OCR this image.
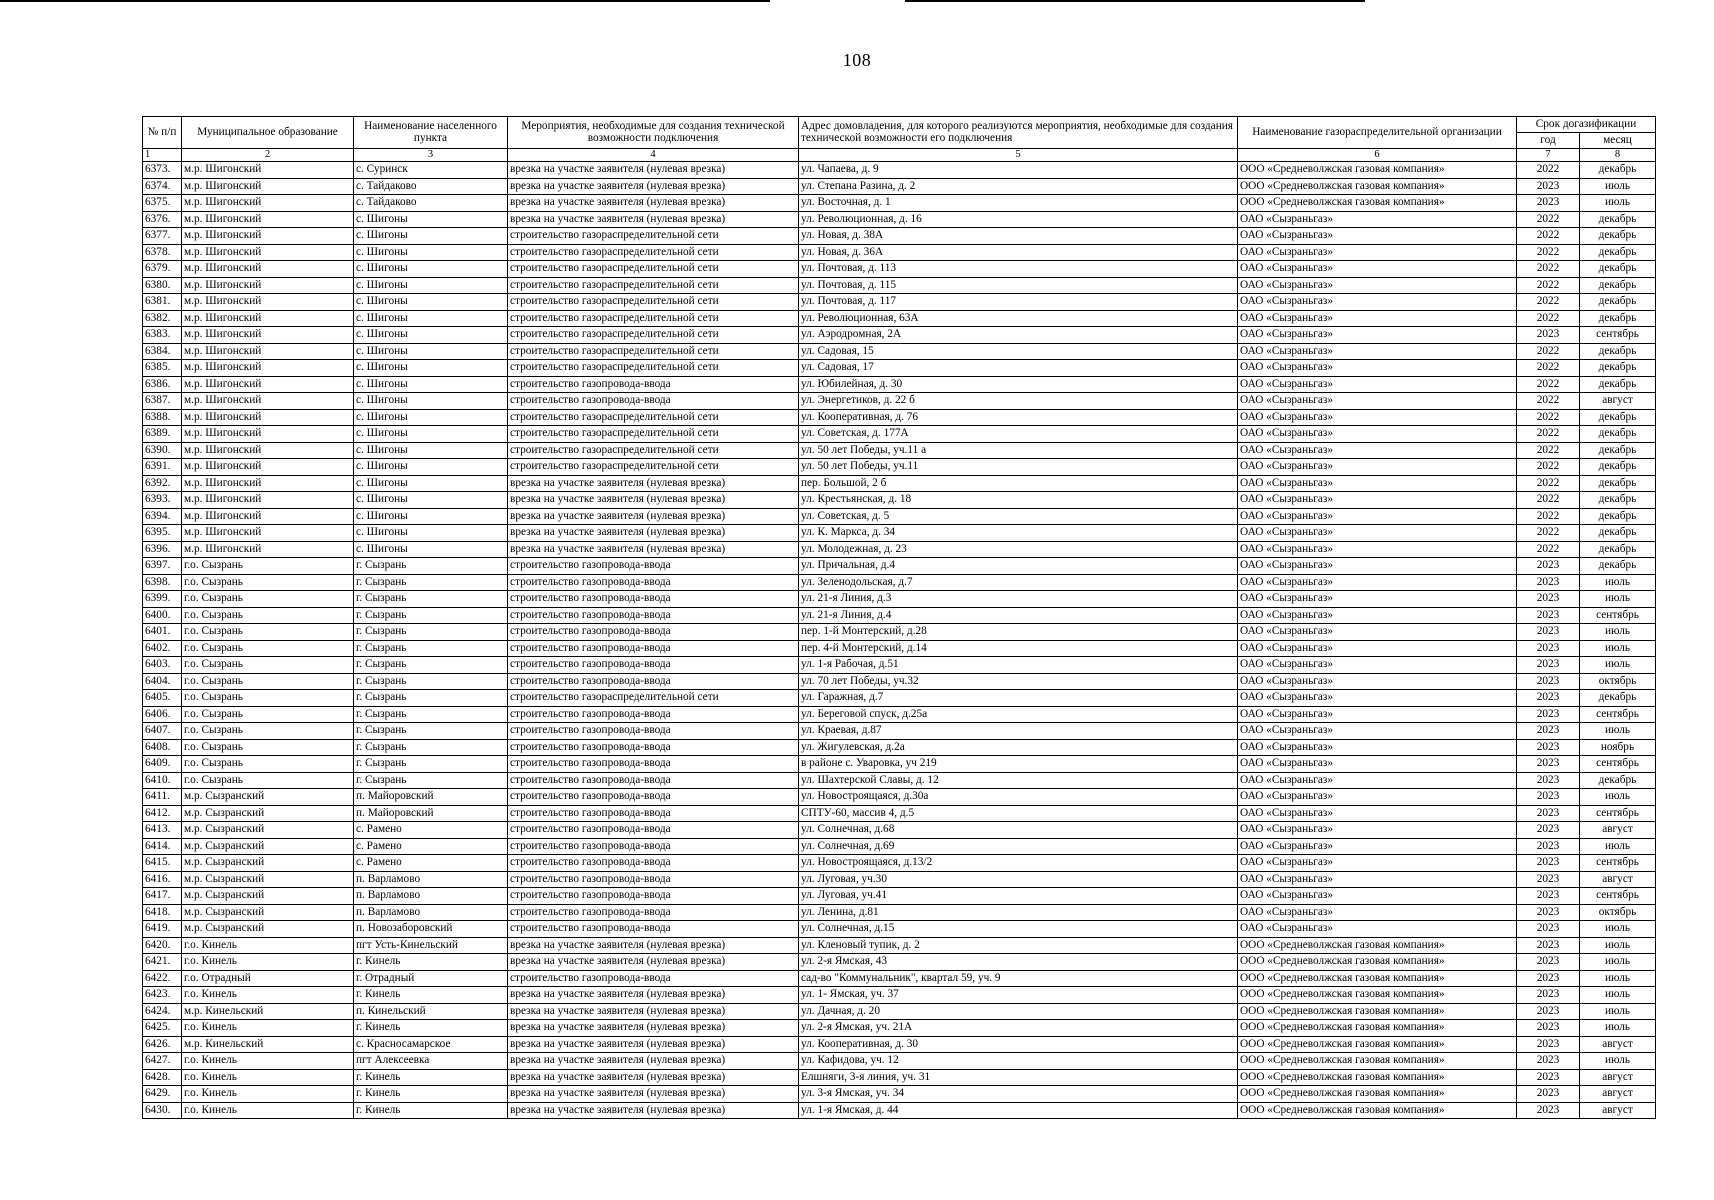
108
№ п/п	Муниципальное образование	Наименование населенного пункта	Мероприятия, необходимые для создания технической возможности подключения	Адрес домовладения, для которого реализуются мероприятия, необходимые для создания технической возможности его подключения	Наименование газораспределительной организации	Срок догазификации	
						год	месяц
1	2	3	4	5	6	7	8
6373.	м.р. Шигонский	с. Суринск	врезка на участке заявителя (нулевая врезка)	ул. Чапаева, д. 9	ООО «Средневолжская газовая компания»	2022	декабрь
6374.	м.р. Шигонский	с. Тайдаково	врезка на участке заявителя (нулевая врезка)	ул. Степана Разина, д. 2	ООО «Средневолжская газовая компания»	2023	июль
6375.	м.р. Шигонский	с. Тайдаково	врезка на участке заявителя (нулевая врезка)	ул. Восточная, д. 1	ООО «Средневолжская газовая компания»	2023	июль
6376.	м.р. Шигонский	с. Шигоны	врезка на участке заявителя (нулевая врезка)	ул. Революционная, д. 16	ОАО «Сызраньгаз»	2022	декабрь
6377.	м.р. Шигонский	с. Шигоны	строительство газораспределительной сети	ул. Новая, д. 38А	ОАО «Сызраньгаз»	2022	декабрь
6378.	м.р. Шигонский	с. Шигоны	строительство газораспределительной сети	ул. Новая, д. 36А	ОАО «Сызраньгаз»	2022	декабрь
6379.	м.р. Шигонский	с. Шигоны	строительство газораспределительной сети	ул. Почтовая, д. 113	ОАО «Сызраньгаз»	2022	декабрь
6380.	м.р. Шигонский	с. Шигоны	строительство газораспределительной сети	ул. Почтовая, д. 115	ОАО «Сызраньгаз»	2022	декабрь
6381.	м.р. Шигонский	с. Шигоны	строительство газораспределительной сети	ул. Почтовая, д. 117	ОАО «Сызраньгаз»	2022	декабрь
6382.	м.р. Шигонский	с. Шигоны	строительство газораспределительной сети	ул. Революционная, 63А	ОАО «Сызраньгаз»	2022	декабрь
6383.	м.р. Шигонский	с. Шигоны	строительство газораспределительной сети	ул. Аэродромная, 2А	ОАО «Сызраньгаз»	2023	сентябрь
6384.	м.р. Шигонский	с. Шигоны	строительство газораспределительной сети	ул. Садовая, 15	ОАО «Сызраньгаз»	2022	декабрь
6385.	м.р. Шигонский	с. Шигоны	строительство газораспределительной сети	ул. Садовая, 17	ОАО «Сызраньгаз»	2022	декабрь
6386.	м.р. Шигонский	с. Шигоны	строительство газопровода-ввода	ул. Юбилейная, д. 30	ОАО «Сызраньгаз»	2022	декабрь
6387.	м.р. Шигонский	с. Шигоны	строительство газопровода-ввода	ул. Энергетиков, д. 22 б	ОАО «Сызраньгаз»	2022	август
6388.	м.р. Шигонский	с. Шигоны	строительство газораспределительной сети	ул. Кооперативная, д. 76	ОАО «Сызраньгаз»	2022	декабрь
6389.	м.р. Шигонский	с. Шигоны	строительство газораспределительной сети	ул. Советская, д. 177А	ОАО «Сызраньгаз»	2022	декабрь
6390.	м.р. Шигонский	с. Шигоны	строительство газораспределительной сети	ул. 50 лет Победы, уч.11 а	ОАО «Сызраньгаз»	2022	декабрь
6391.	м.р. Шигонский	с. Шигоны	строительство газораспределительной сети	ул. 50 лет Победы, уч.11	ОАО «Сызраньгаз»	2022	декабрь
6392.	м.р. Шигонский	с. Шигоны	врезка на участке заявителя (нулевая врезка)	пер. Большой, 2 б	ОАО «Сызраньгаз»	2022	декабрь
6393.	м.р. Шигонский	с. Шигоны	врезка на участке заявителя (нулевая врезка)	ул. Крестьянская, д. 18	ОАО «Сызраньгаз»	2022	декабрь
6394.	м.р. Шигонский	с. Шигоны	врезка на участке заявителя (нулевая врезка)	ул. Советская, д. 5	ОАО «Сызраньгаз»	2022	декабрь
6395.	м.р. Шигонский	с. Шигоны	врезка на участке заявителя (нулевая врезка)	ул. К. Маркса, д. 34	ОАО «Сызраньгаз»	2022	декабрь
6396.	м.р. Шигонский	с. Шигоны	врезка на участке заявителя (нулевая врезка)	ул. Молодежная, д. 23	ОАО «Сызраньгаз»	2022	декабрь
6397.	г.о. Сызрань	г. Сызрань	строительство газопровода-ввода	ул. Причальная, д.4	ОАО «Сызраньгаз»	2023	декабрь
6398.	г.о. Сызрань	г. Сызрань	строительство газопровода-ввода	ул. Зеленодольская, д.7	ОАО «Сызраньгаз»	2023	июль
6399.	г.о. Сызрань	г. Сызрань	строительство газопровода-ввода	ул. 21-я Линия, д.3	ОАО «Сызраньгаз»	2023	июль
6400.	г.о. Сызрань	г. Сызрань	строительство газопровода-ввода	ул. 21-я Линия, д.4	ОАО «Сызраньгаз»	2023	сентябрь
6401.	г.о. Сызрань	г. Сызрань	строительство газопровода-ввода	пер. 1-й Монтерский, д.28	ОАО «Сызраньгаз»	2023	июль
6402.	г.о. Сызрань	г. Сызрань	строительство газопровода-ввода	пер. 4-й Монтерский, д.14	ОАО «Сызраньгаз»	2023	июль
6403.	г.о. Сызрань	г. Сызрань	строительство газопровода-ввода	ул. 1-я Рабочая, д.51	ОАО «Сызраньгаз»	2023	июль
6404.	г.о. Сызрань	г. Сызрань	строительство газопровода-ввода	ул. 70 лет Победы, уч.32	ОАО «Сызраньгаз»	2023	октябрь
6405.	г.о. Сызрань	г. Сызрань	строительство газораспределительной сети	ул. Гаражная, д.7	ОАО «Сызраньгаз»	2023	декабрь
6406.	г.о. Сызрань	г. Сызрань	строительство газопровода-ввода	ул. Береговой спуск, д.25а	ОАО «Сызраньгаз»	2023	сентябрь
6407.	г.о. Сызрань	г. Сызрань	строительство газопровода-ввода	ул. Краевая, д.87	ОАО «Сызраньгаз»	2023	июль
6408.	г.о. Сызрань	г. Сызрань	строительство газопровода-ввода	ул. Жигулевская, д.2а	ОАО «Сызраньгаз»	2023	ноябрь
6409.	г.о. Сызрань	г. Сызрань	строительство газопровода-ввода	в районе с. Уваровка, уч 219	ОАО «Сызраньгаз»	2023	сентябрь
6410.	г.о. Сызрань	г. Сызрань	строительство газопровода-ввода	ул. Шахтерской Славы, д. 12	ОАО «Сызраньгаз»	2023	декабрь
6411.	м.р. Сызранский	п. Майоровский	строительство газопровода-ввода	ул. Новостроящаяся, д.30а	ОАО «Сызраньгаз»	2023	июль
6412.	м.р. Сызранский	п. Майоровский	строительство газопровода-ввода	СПТУ-60, массив 4, д.5	ОАО «Сызраньгаз»	2023	сентябрь
6413.	м.р. Сызранский	с. Рамено	строительство газопровода-ввода	ул. Солнечная, д.68	ОАО «Сызраньгаз»	2023	август
6414.	м.р. Сызранский	с. Рамено	строительство газопровода-ввода	ул. Солнечная, д.69	ОАО «Сызраньгаз»	2023	июль
6415.	м.р. Сызранский	с. Рамено	строительство газопровода-ввода	ул. Новостроящаяся, д.13/2	ОАО «Сызраньгаз»	2023	сентябрь
6416.	м.р. Сызранский	п. Варламово	строительство газопровода-ввода	ул. Луговая, уч.30	ОАО «Сызраньгаз»	2023	август
6417.	м.р. Сызранский	п. Варламово	строительство газопровода-ввода	ул. Луговая, уч.41	ОАО «Сызраньгаз»	2023	сентябрь
6418.	м.р. Сызранский	п. Варламово	строительство газопровода-ввода	ул. Ленина, д.81	ОАО «Сызраньгаз»	2023	октябрь
6419.	м.р. Сызранский	п. Новозаборовский	строительство газопровода-ввода	ул. Солнечная, д.15	ОАО «Сызраньгаз»	2023	июль
6420.	г.о. Кинель	пгт Усть-Кинельский	врезка на участке заявителя (нулевая врезка)	ул. Кленовый тупик, д. 2	ООО «Средневолжская газовая компания»	2023	июль
6421.	г.о. Кинель	г. Кинель	врезка на участке заявителя (нулевая врезка)	ул. 2-я Ямская, 43	ООО «Средневолжская газовая компания»	2023	июль
6422.	г.о. Отрадный	г. Отрадный	строительство газопровода-ввода	сад-во "Коммунальник", квартал 59, уч. 9	ООО «Средневолжская газовая компания»	2023	июль
6423.	г.о. Кинель	г. Кинель	врезка на участке заявителя (нулевая врезка)	ул. 1- Ямская, уч. 37	ООО «Средневолжская газовая компания»	2023	июль
6424.	м.р. Кинельский	п. Кинельский	врезка на участке заявителя (нулевая врезка)	ул. Дачная, д. 20	ООО «Средневолжская газовая компания»	2023	июль
6425.	г.о. Кинель	г. Кинель	врезка на участке заявителя (нулевая врезка)	ул. 2-я Ямская, уч. 21А	ООО «Средневолжская газовая компания»	2023	июль
6426.	м.р. Кинельский	с. Красносамарское	врезка на участке заявителя (нулевая врезка)	ул. Кооперативная, д. 30	ООО «Средневолжская газовая компания»	2023	август
6427.	г.о. Кинель	пгт Алексеевка	врезка на участке заявителя (нулевая врезка)	ул. Кафидова, уч. 12	ООО «Средневолжская газовая компания»	2023	июль
6428.	г.о. Кинель	г. Кинель	врезка на участке заявителя (нулевая врезка)	Елшняги, 3-я линия, уч. 31	ООО «Средневолжская газовая компания»	2023	август
6429.	г.о. Кинель	г. Кинель	врезка на участке заявителя (нулевая врезка)	ул. 3-я Ямская, уч. 34	ООО «Средневолжская газовая компания»	2023	август
6430.	г.о. Кинель	г. Кинель	врезка на участке заявителя (нулевая врезка)	ул. 1-я Ямская, д. 44	ООО «Средневолжская газовая компания»	2023	август
